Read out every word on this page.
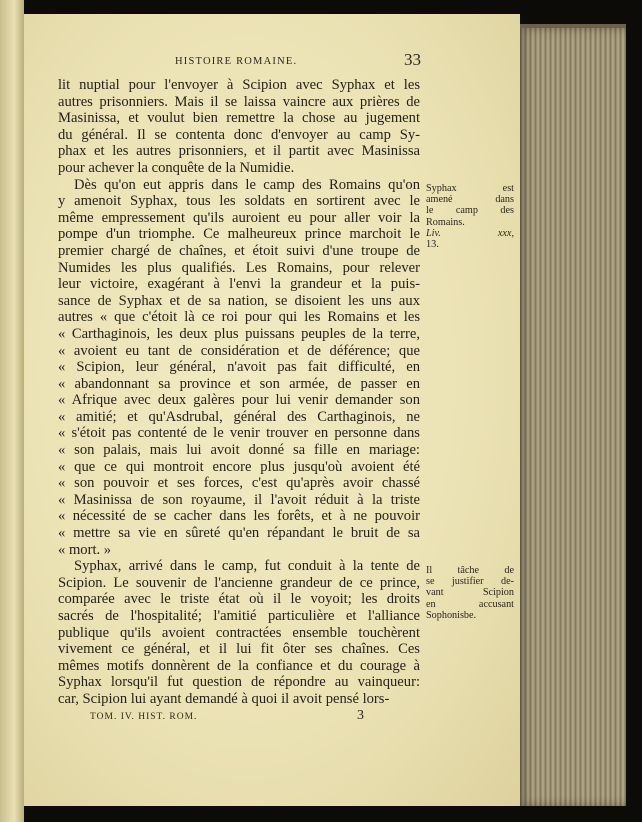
HISTOIRE ROMAINE.	33
lit nuptial pour l'envoyer à Scipion avec Syphax et les
autres prisonniers. Mais il se laissa vaincre aux prières de
Masinissa, et voulut bien remettre la chose au jugement
du général. Il se contenta donc d'envoyer au camp Sy-
phax et les autres prisonniers, et il partit avec Masinissa
pour achever la conquête de la Numidie.
Dès qu'on eut appris dans le camp des Romains qu'on
y amenoit Syphax, tous les soldats en sortirent avec le
même empressement qu'ils auroient eu pour aller voir la
pompe d'un triomphe. Ce malheureux prince marchoit le
premier chargé de chaînes, et étoit suivi d'une troupe de
Numides les plus qualifiés. Les Romains, pour relever
leur victoire, exagérant à l'envi la grandeur et la puis-
sance de Syphax et de sa nation, se disoient les uns aux
autres « que c'étoit là ce roi pour qui les Romains et les
« Carthaginois, les deux plus puissans peuples de la terre,
« avoient eu tant de considération et de déférence; que
« Scipion, leur général, n'avoit pas fait difficulté, en
« abandonnant sa province et son armée, de passer en
« Afrique avec deux galères pour lui venir demander son
« amitié; et qu'Asdrubal, général des Carthaginois, ne
« s'étoit pas contenté de le venir trouver en personne dans
« son palais, mais lui avoit donné sa fille en mariage:
« que ce qui montroit encore plus jusqu'où avoient été
« son pouvoir et ses forces, c'est qu'après avoir chassé
« Masinissa de son royaume, il l'avoit réduit à la triste
« nécessité de se cacher dans les forêts, et à ne pouvoir
« mettre sa vie en sûreté qu'en répandant le bruit de sa
« mort. »
Syphax, arrivé dans le camp, fut conduit à la tente de
Scipion. Le souvenir de l'ancienne grandeur de ce prince,
comparée avec le triste état où il le voyoit; les droits
sacrés de l'hospitalité; l'amitié particulière et l'alliance
publique qu'ils avoient contractées ensemble touchèrent
vivement ce général, et il lui fit ôter ses chaînes. Ces
mêmes motifs donnèrent de la confiance et du courage à
Syphax lorsqu'il fut question de répondre au vainqueur:
car, Scipion lui ayant demandé à quoi il avoit pensé lors-
Syphax est
amené dans
le camp des
Romains.
Liv. xxx,
13.
Il tâche de
se justifier de-
vant Scipion
en accusant
Sophonisbe.
TOM. IV. HIST. ROM.	3
